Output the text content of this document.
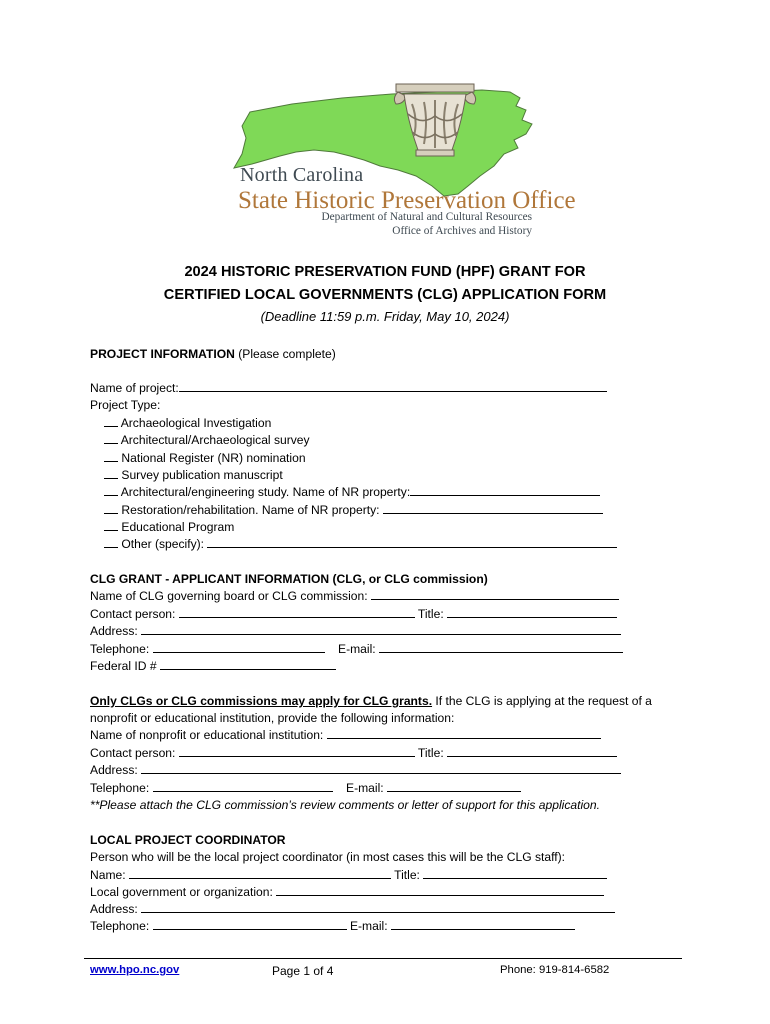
North Carolina
State Historic Preservation Office
Department of Natural and Cultural Resources
Office of Archives and History
2024 HISTORIC PRESERVATION FUND (HPF) GRANT FOR
CERTIFIED LOCAL GOVERNMENTS (CLG) APPLICATION FORM
(Deadline 11:59 p.m. Friday, May 10, 2024)
PROJECT INFORMATION (Please complete)
Name of project:
Project Type:
Archaeological Investigation
Architectural/Archaeological survey
National Register (NR) nomination
Survey publication manuscript
Architectural/engineering study. Name of NR property:
Restoration/rehabilitation. Name of NR property:
Educational Program
Other (specify):
CLG GRANT - APPLICANT INFORMATION (CLG, or CLG commission)
Name of CLG governing board or CLG commission:
Contact person:	Title:
Address:
Telephone:	E-mail:
Federal ID #
Only CLGs or CLG commissions may apply for CLG grants. If the CLG is applying at the request of a
nonprofit or educational institution, provide the following information:
Name of nonprofit or educational institution:
Contact person:	Title:
Address:
Telephone:	E-mail:
**Please attach the CLG commission’s review comments or letter of support for this application.
LOCAL PROJECT COORDINATOR
Person who will be the local project coordinator (in most cases this will be the CLG staff):
Name:	Title:
Local government or organization:
Address:
Telephone:	E-mail:
www.hpo.nc.gov	Page 1 of 4	Phone: 919-814-6582
